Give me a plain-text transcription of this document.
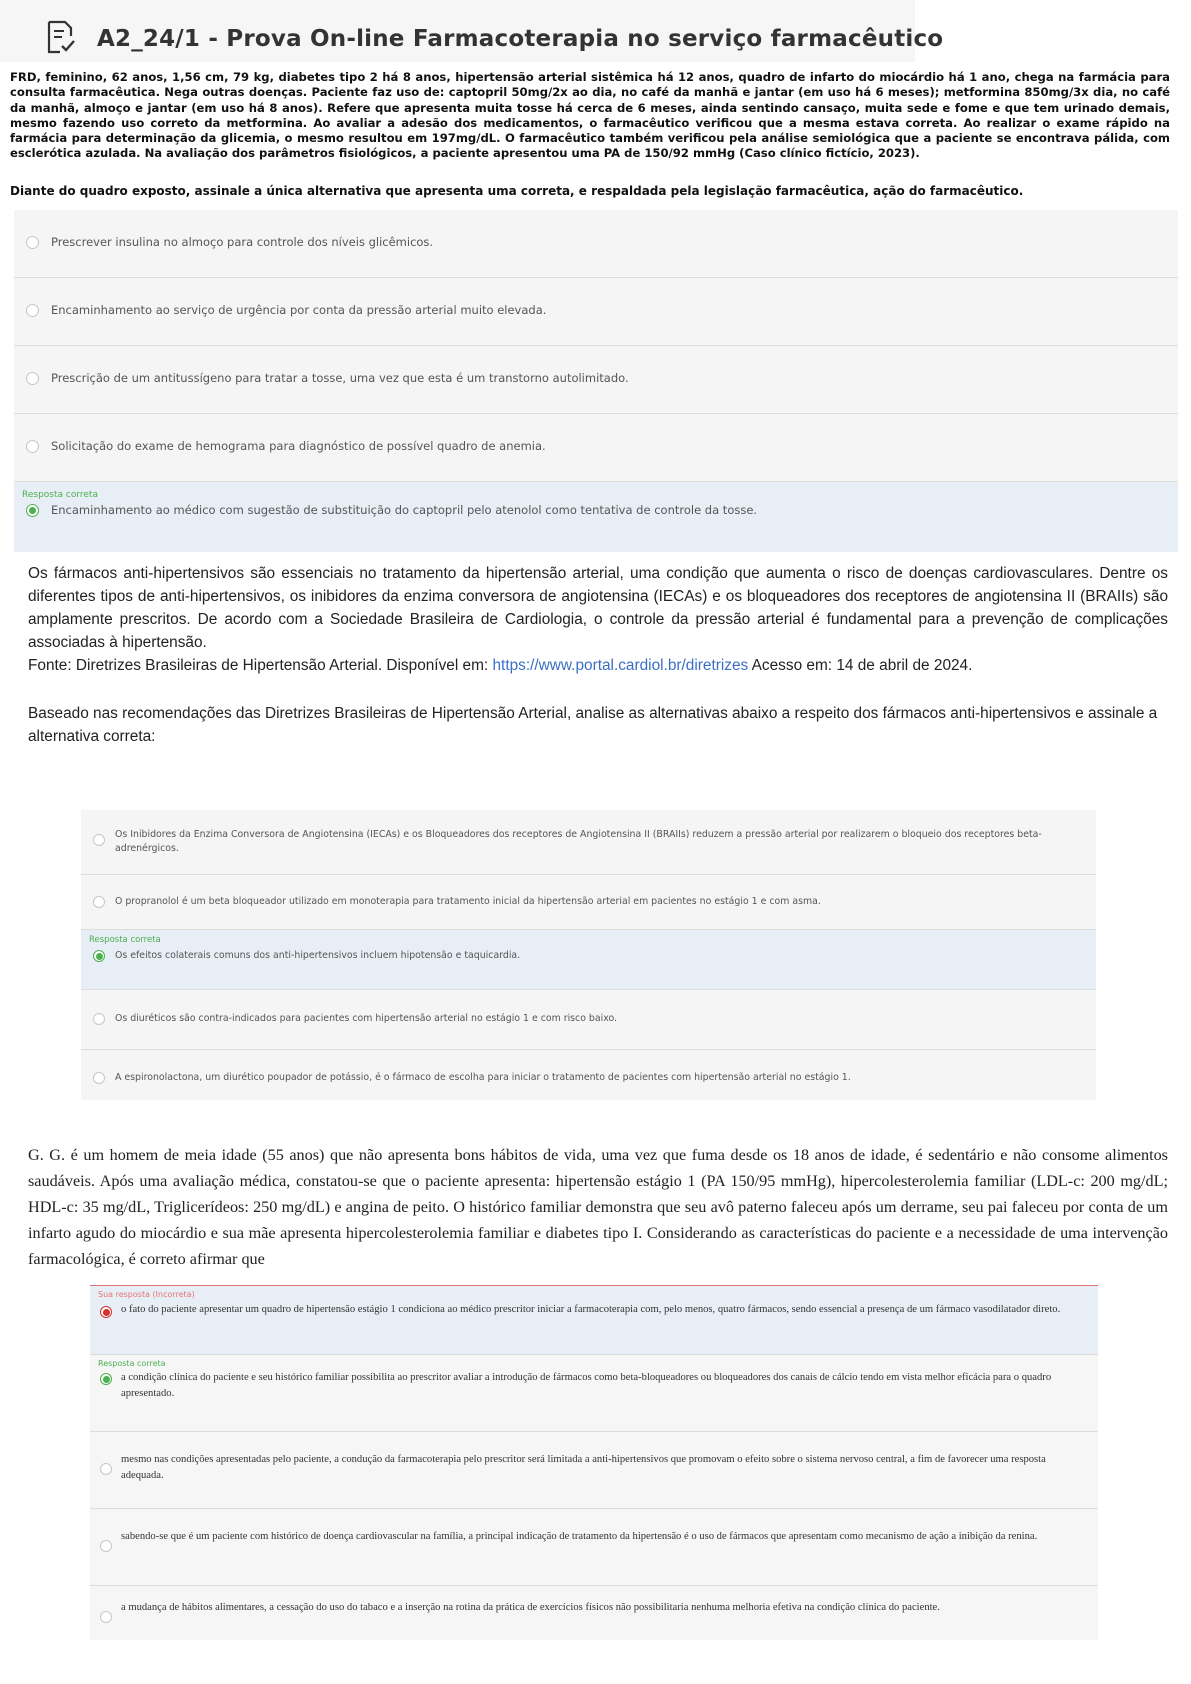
A2_24/1 - Prova On-line Farmacoterapia no serviço farmacêutico

FRD, feminino, 62 anos, 1,56 cm, 79 kg, diabetes tipo 2 há 8 anos, hipertensão arterial sistêmica há 12 anos, quadro de infarto do miocárdio há 1 ano, chega na farmácia para consulta farmacêutica. Nega outras doenças. Paciente faz uso de: captopril 50mg/2x ao dia, no café da manhã e jantar (em uso há 6 meses); metformina 850mg/3x dia, no café da manhã, almoço e jantar (em uso há 8 anos). Refere que apresenta muita tosse há cerca de 6 meses, ainda sentindo cansaço, muita sede e fome e que tem urinado demais, mesmo fazendo uso correto da metformina. Ao avaliar a adesão dos medicamentos, o farmacêutico verificou que a mesma estava correta. Ao realizar o exame rápido na farmácia para determinação da glicemia, o mesmo resultou em 197mg/dL. O farmacêutico também verificou pela análise semiológica que a paciente se encontrava pálida, com esclerótica azulada. Na avaliação dos parâmetros fisiológicos, a paciente apresentou uma PA de 150/92 mmHg (Caso clínico fictício, 2023).

Diante do quadro exposto, assinale a única alternativa que apresenta uma correta, e respaldada pela legislação farmacêutica, ação do farmacêutico.

Prescrever insulina no almoço para controle dos níveis glicêmicos.
Encaminhamento ao serviço de urgência por conta da pressão arterial muito elevada.
Prescrição de um antitussígeno para tratar a tosse, uma vez que esta é um transtorno autolimitado.
Solicitação do exame de hemograma para diagnóstico de possível quadro de anemia.
Resposta correta
Encaminhamento ao médico com sugestão de substituição do captopril pelo atenolol como tentativa de controle da tosse.
Os fármacos anti-hipertensivos são essenciais no tratamento da hipertensão arterial, uma condição que aumenta o risco de doenças cardiovasculares. Dentre os diferentes tipos de anti-hipertensivos, os inibidores da enzima conversora de angiotensina (IECAs) e os bloqueadores dos receptores de angiotensina II (BRAIIs) são amplamente prescritos. De acordo com a Sociedade Brasileira de Cardiologia, o controle da pressão arterial é fundamental para a prevenção de complicações associadas à hipertensão.
Fonte: Diretrizes Brasileiras de Hipertensão Arterial. Disponível em: https://www.portal.cardiol.br/diretrizes Acesso em: 14 de abril de 2024.

Baseado nas recomendações das Diretrizes Brasileiras de Hipertensão Arterial, analise as alternativas abaixo a respeito dos fármacos anti-hipertensivos e assinale a alternativa correta:

Os Inibidores da Enzima Conversora de Angiotensina (IECAs) e os Bloqueadores dos receptores de Angiotensina II (BRAIIs) reduzem a pressão arterial por realizarem o bloqueio dos receptores beta-adrenérgicos.
O propranolol é um beta bloqueador utilizado em monoterapia para tratamento inicial da hipertensão arterial em pacientes no estágio 1 e com asma.
Resposta correta
Os efeitos colaterais comuns dos anti-hipertensivos incluem hipotensão e taquicardia.
Os diuréticos são contra-indicados para pacientes com hipertensão arterial no estágio 1 e com risco baixo.
A espironolactona, um diurético poupador de potássio, é o fármaco de escolha para iniciar o tratamento de pacientes com hipertensão arterial no estágio 1.

G. G. é um homem de meia idade (55 anos) que não apresenta bons hábitos de vida, uma vez que fuma desde os 18 anos de idade, é sedentário e não consome alimentos saudáveis. Após uma avaliação médica, constatou-se que o paciente apresenta: hipertensão estágio 1 (PA 150/95 mmHg), hipercolesterolemia familiar (LDL-c: 200 mg/dL; HDL-c: 35 mg/dL, Triglicerídeos: 250 mg/dL) e angina de peito. O histórico familiar demonstra que seu avô paterno faleceu após um derrame, seu pai faleceu por conta de um infarto agudo do miocárdio e sua mãe apresenta hipercolesterolemia familiar e diabetes tipo I. Considerando as características do paciente e a necessidade de uma intervenção farmacológica, é correto afirmar que

Sua resposta (Incorreta)
o fato do paciente apresentar um quadro de hipertensão estágio 1 condiciona ao médico prescritor iniciar a farmacoterapia com, pelo menos, quatro fármacos, sendo essencial a presença de um fármaco vasodilatador direto.
Resposta correta
a condição clínica do paciente e seu histórico familiar possibilita ao prescritor avaliar a introdução de fármacos como beta-bloqueadores ou bloqueadores dos canais de cálcio tendo em vista melhor eficácia para o quadro apresentado.
mesmo nas condições apresentadas pelo paciente, a condução da farmacoterapia pelo prescritor será limitada a anti-hipertensivos que promovam o efeito sobre o sistema nervoso central, a fim de favorecer uma resposta adequada.
sabendo-se que é um paciente com histórico de doença cardiovascular na família, a principal indicação de tratamento da hipertensão é o uso de fármacos que apresentam como mecanismo de ação a inibição da renina.
a mudança de hábitos alimentares, a cessação do uso do tabaco e a inserção na rotina da prática de exercícios físicos não possibilitaria nenhuma melhoria efetiva na condição clínica do paciente.
